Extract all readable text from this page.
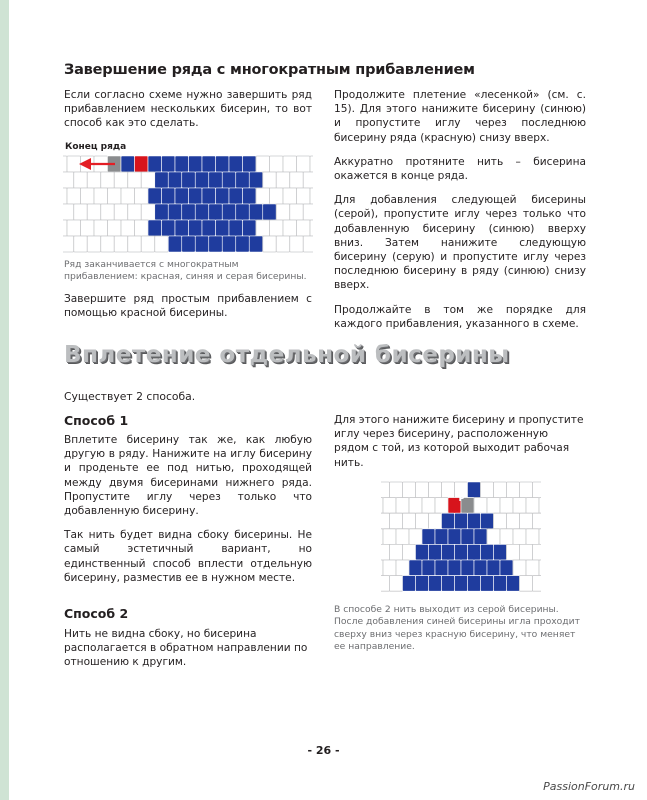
Завершение ряда с многократным прибавлением

Если согласно схеме нужно завершить ряд прибавлением нескольких бисерин, то вот способ как это сделать.

Конец ряда
Ряд заканчивается с многократным прибавлением: красная, синяя и серая бисерины.

Завершите ряд простым прибавлением с помощью красной бисерины.

Продолжите плетение «лесенкой» (см. с. 15). Для этого нанижите бисерину (синюю) и пропустите иглу через последнюю бисерину ряда (красную) снизу вверх.

Аккуратно протяните нить – бисерина окажется в конце ряда.

Для добавления следующей бисерины (серой), пропустите иглу через только что добавленную бисерину (синюю) вверху вниз. Затем нанижите следующую бисерину (серую) и пропустите иглу через последнюю бисерину в ряду (синюю) снизу вверх.

Продолжайте в том же порядке для каждого прибавления, указанного в схеме.

Вплетение отдельной бисерины
Существует 2 способа.
Способ 1

Вплетите бисерину так же, как любую другую в ряду. Нанижите на иглу бисерину и проденьте ее под нитью, проходящей между двумя бисеринами нижнего ряда. Пропустите иглу через только что добавленную бисерину.

Так нить будет видна сбоку бисерины. Не самый эстетичный вариант, но единственный способ вплести отдельную бисерину, разместив ее в нужном месте.

Способ 2

Нить не видна сбоку, но бисерина располагается в обратном направлении по отношению к другим.

Для этого нанижите бисерину и пропустите иглу через бисерину, расположенную рядом с той, из которой выходит рабочая нить.

P
В способе 2 нить выходит из серой бисерины. После добавления синей бисерины игла проходит сверху вниз через красную бисерину, что меняет ее направление.
- 26 -
PassionForum.ru
